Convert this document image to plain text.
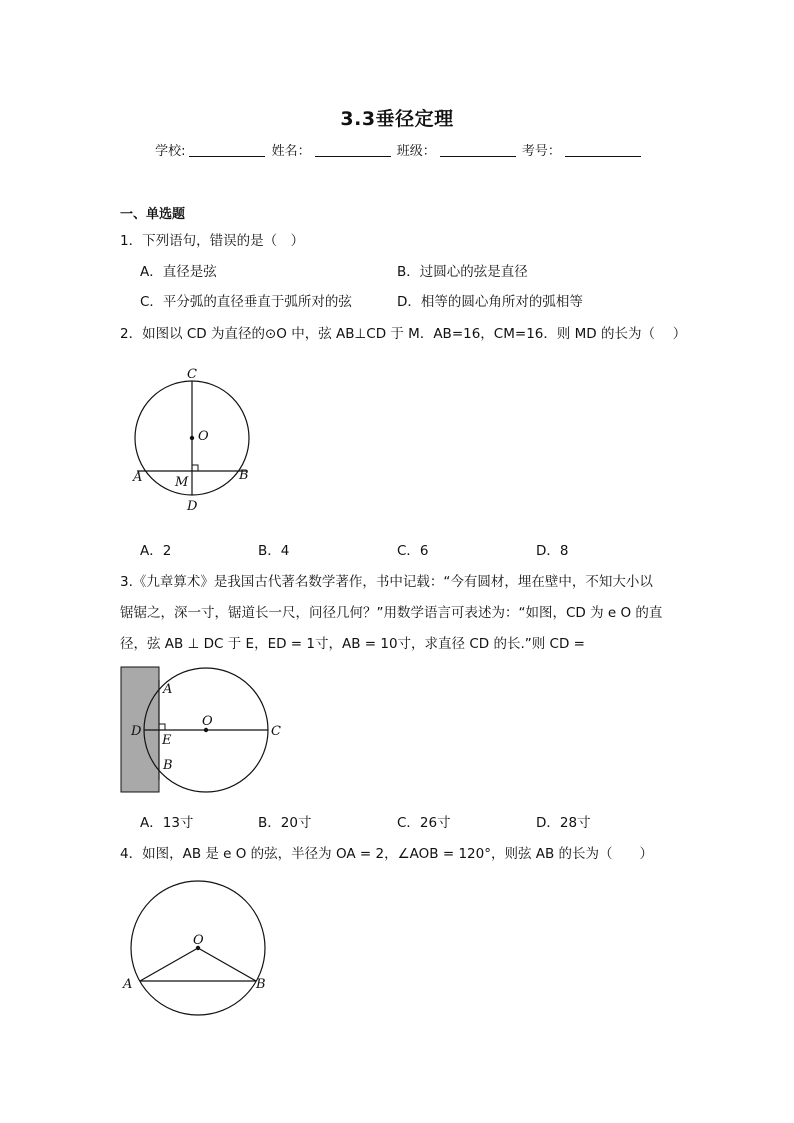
3.3垂径定理
学校:	姓名：	班级：	考号：
一、单选题
1．下列语句，错误的是（　）
A．直径是弦	B．过圆心的弦是直径
C．平分弧的直径垂直于弧所对的弦	D．相等的圆心角所对的弧相等
2．如图以 CD 为直径的⊙O 中，弦 AB⊥CD 于 M．AB=16，CM=16．则 MD 的长为（　 ）
C
O
A	M	B
D
A．2	B．4	C．6	D．8
3.《九章算术》是我国古代著名数学著作，书中记载：“今有圆材，埋在壁中，不知大小以
锯锯之，深一寸，锯道长一尺，问径几何？”用数学语言可表述为：“如图，CD 为 e O 的直
径，弦 AB ⊥ DC 于 E，ED = 1寸，AB = 10寸，求直径 CD 的长.”则 CD =
A
D
O
C
E
B
A．13寸	B．20寸	C．26寸	D．28寸
4．如图，AB 是 e O 的弦，半径为 OA = 2，∠AOB = 120°，则弦 AB 的长为（　　）
O
A	B
